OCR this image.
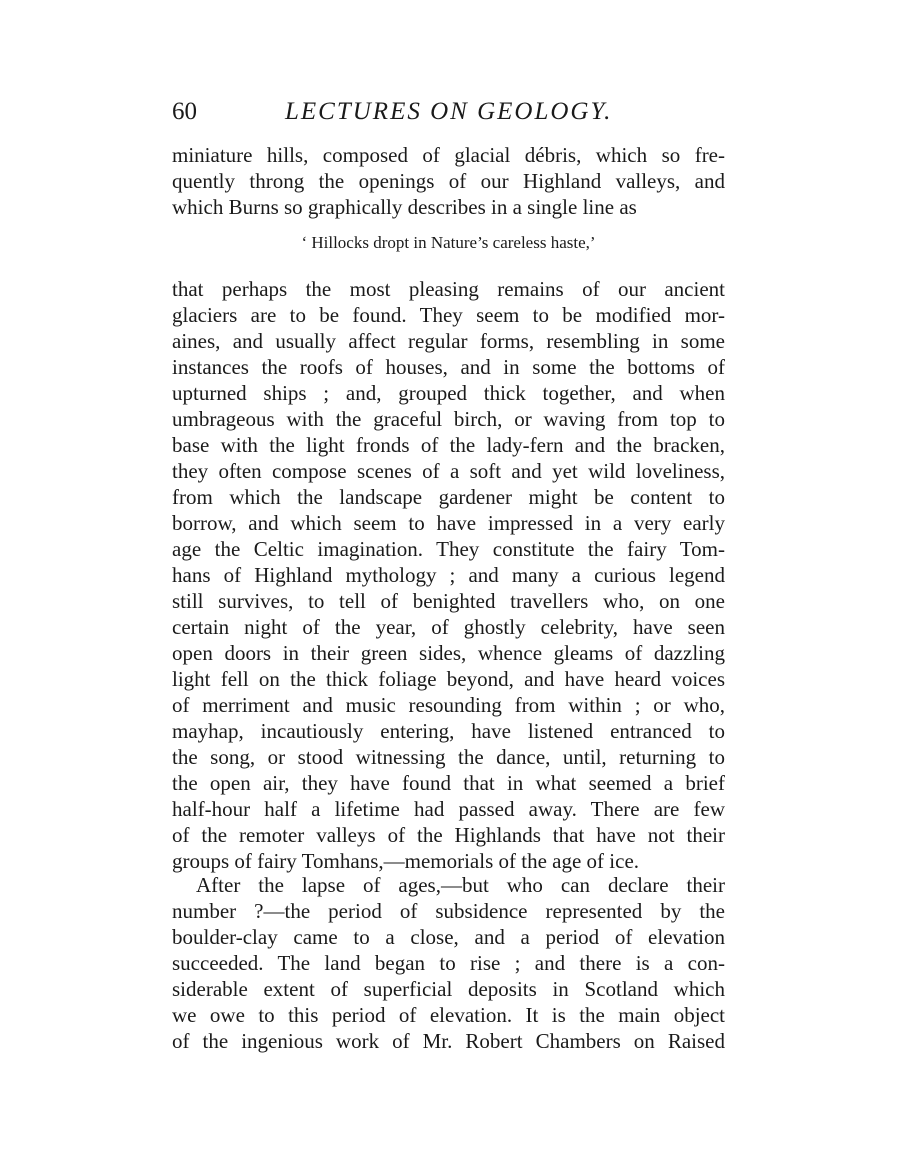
60	LECTURES ON GEOLOGY.
miniature hills, composed of glacial débris, which so fre-
quently throng the openings of our Highland valleys, and
which Burns so graphically describes in a single line as
‘ Hillocks dropt in Nature’s careless haste,’
that perhaps the most pleasing remains of our ancient
glaciers are to be found. They seem to be modified mor-
aines, and usually affect regular forms, resembling in some
instances the roofs of houses, and in some the bottoms of
upturned ships ; and, grouped thick together, and when
umbrageous with the graceful birch, or waving from top to
base with the light fronds of the lady-fern and the bracken,
they often compose scenes of a soft and yet wild loveliness,
from which the landscape gardener might be content to
borrow, and which seem to have impressed in a very early
age the Celtic imagination. They constitute the fairy Tom-
hans of Highland mythology ; and many a curious legend
still survives, to tell of benighted travellers who, on one
certain night of the year, of ghostly celebrity, have seen
open doors in their green sides, whence gleams of dazzling
light fell on the thick foliage beyond, and have heard voices
of merriment and music resounding from within ; or who,
mayhap, incautiously entering, have listened entranced to
the song, or stood witnessing the dance, until, returning to
the open air, they have found that in what seemed a brief
half-hour half a lifetime had passed away. There are few
of the remoter valleys of the Highlands that have not their
groups of fairy Tomhans,—memorials of the age of ice.
After the lapse of ages,—but who can declare their
number ?—the period of subsidence represented by the
boulder-clay came to a close, and a period of elevation
succeeded. The land began to rise ; and there is a con-
siderable extent of superficial deposits in Scotland which
we owe to this period of elevation. It is the main object
of the ingenious work of Mr. Robert Chambers on Raised
